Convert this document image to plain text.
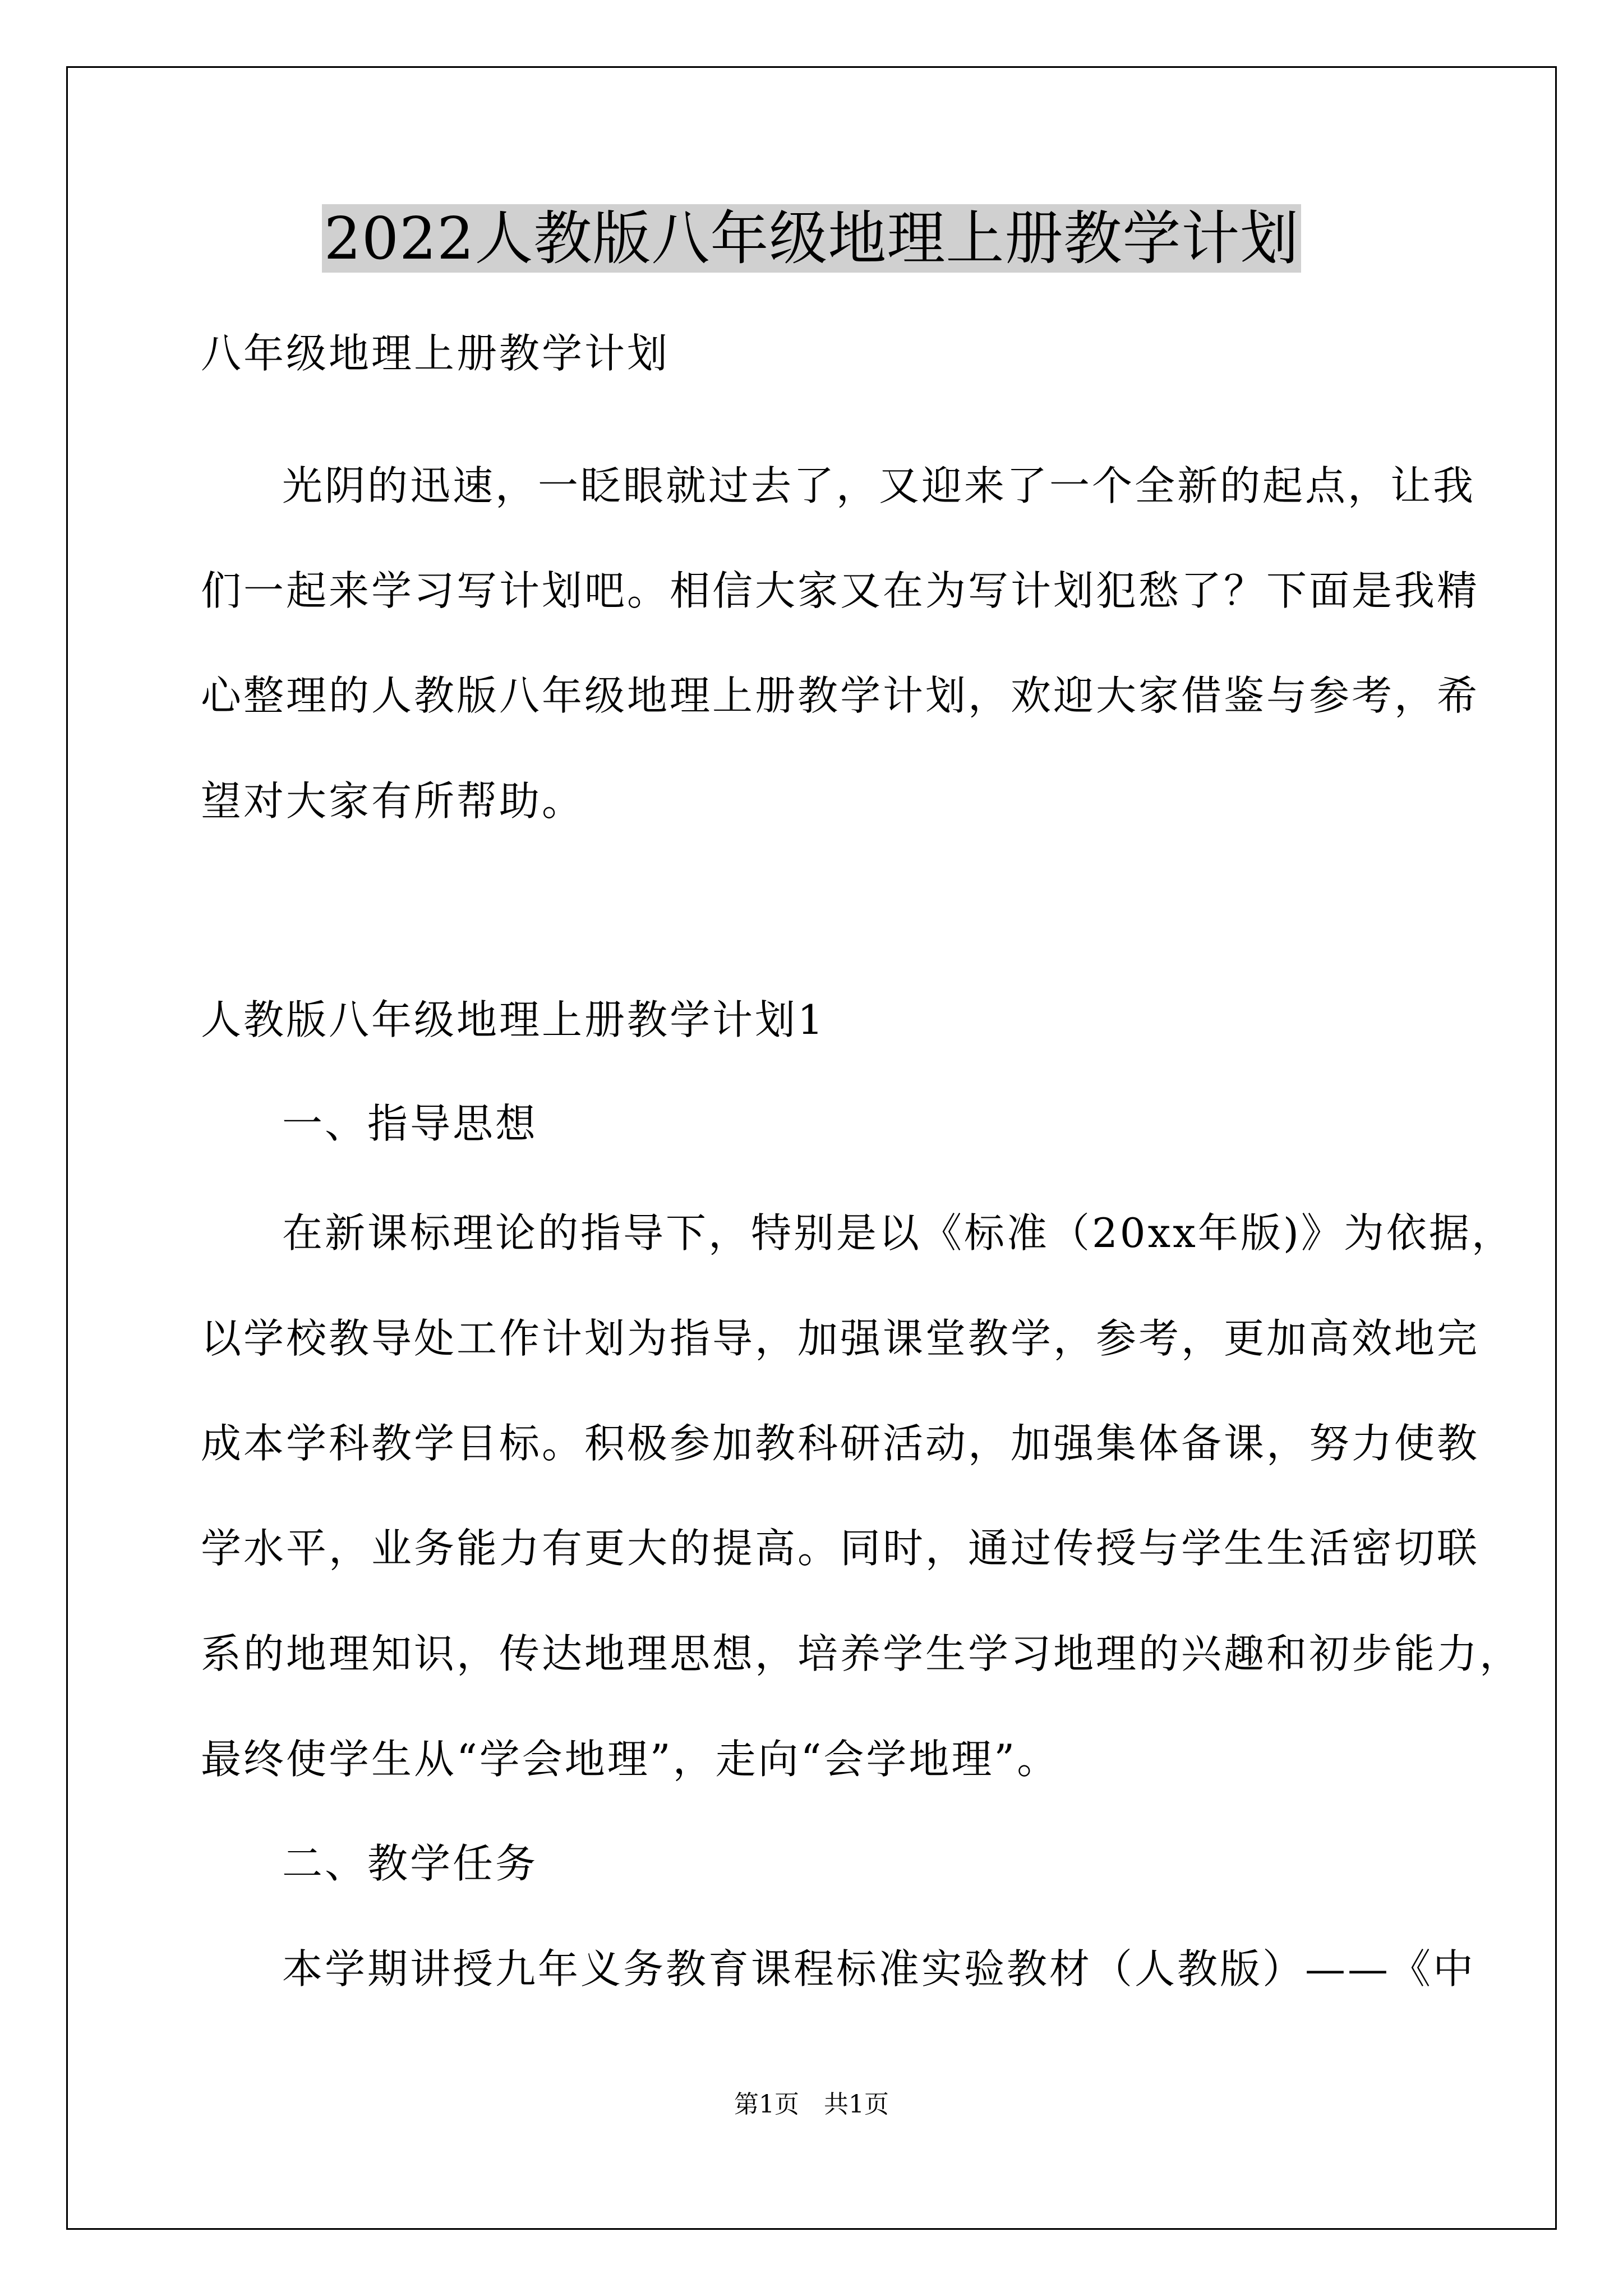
2022人教版八年级地理上册教学计划
八年级地理上册教学计划
光阴的迅速，一眨眼就过去了，又迎来了一个全新的起点，让我
们一起来学习写计划吧。相信大家又在为写计划犯愁了？下面是我精
心整理的人教版八年级地理上册教学计划，欢迎大家借鉴与参考，希
望对大家有所帮助。
人教版八年级地理上册教学计划1
一、指导思想
在新课标理论的指导下，特别是以《标准（20xx年版)》为依据，
以学校教导处工作计划为指导，加强课堂教学，参考，更加高效地完
成本学科教学目标。积极参加教科研活动，加强集体备课，努力使教
学水平，业务能力有更大的提高。同时，通过传授与学生生活密切联
系的地理知识，传达地理思想，培养学生学习地理的兴趣和初步能力，
最终使学生从“学会地理”，走向“会学地理”。
二、教学任务
本学期讲授九年义务教育课程标准实验教材（人教版）——《中
第1页　共1页
